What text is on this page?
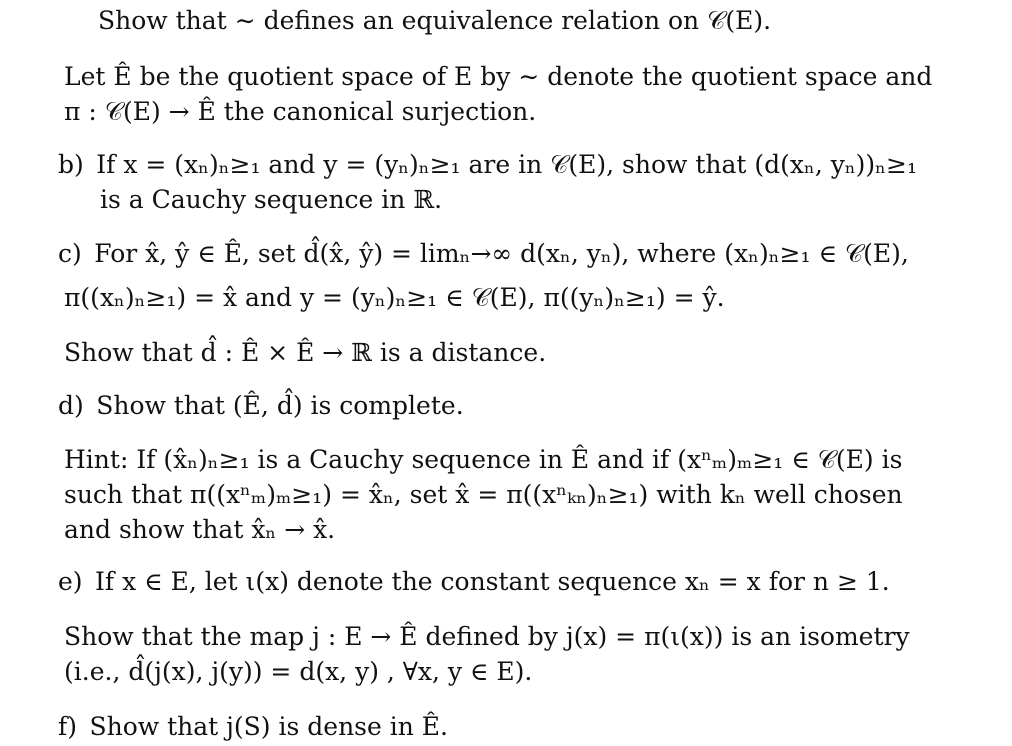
Show that ∼ defines an equivalence relation on 𝒞(E).
Let Ê be the quotient space of E by ∼ denote the quotient space and
π : 𝒞(E) → Ê the canonical surjection.
b) If x = (xₙ)ₙ≥₁ and y = (yₙ)ₙ≥₁ are in 𝒞(E), show that (d(xₙ, yₙ))ₙ≥₁
is a Cauchy sequence in ℝ.
c) For x̂, ŷ ∈ Ê, set d̂(x̂, ŷ) = limₙ→∞ d(xₙ, yₙ), where (xₙ)ₙ≥₁ ∈ 𝒞(E),
π((xₙ)ₙ≥₁) = x̂ and y = (yₙ)ₙ≥₁ ∈ 𝒞(E), π((yₙ)ₙ≥₁) = ŷ.
Show that d̂ : Ê × Ê → ℝ is a distance.
d) Show that (Ê, d̂) is complete.
Hint: If (x̂ₙ)ₙ≥₁ is a Cauchy sequence in Ê and if (xⁿₘ)ₘ≥₁ ∈ 𝒞(E) is
such that π((xⁿₘ)ₘ≥₁) = x̂ₙ, set x̂ = π((xⁿₖₙ)ₙ≥₁) with kₙ well chosen
and show that x̂ₙ → x̂.
e) If x ∈ E, let ι(x) denote the constant sequence xₙ = x for n ≥ 1.
Show that the map j : E → Ê defined by j(x) = π(ι(x)) is an isometry
(i.e., d̂(j(x), j(y)) = d(x, y) , ∀x, y ∈ E).
f) Show that j(S) is dense in Ê.
